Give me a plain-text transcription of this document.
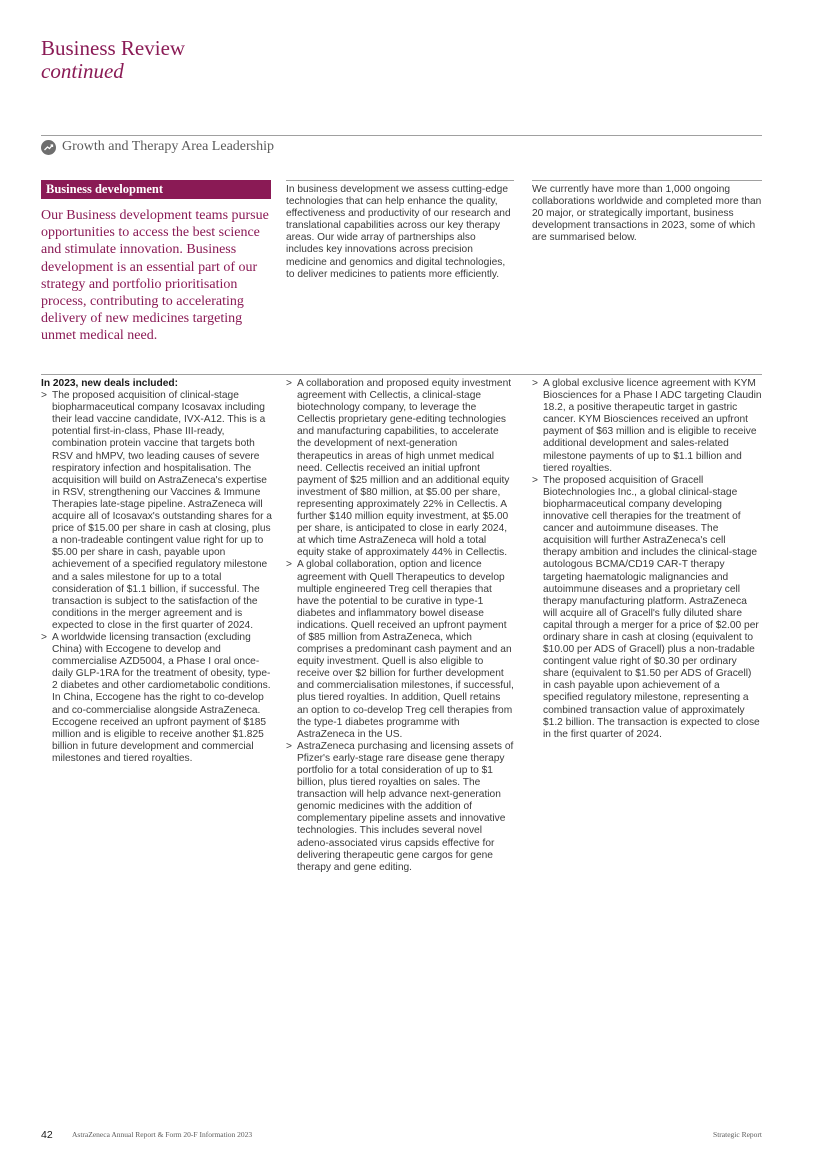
Business Review
continued
Growth and Therapy Area Leadership
Business development
Our Business development teams pursue opportunities to access the best science and stimulate innovation. Business development is an essential part of our strategy and portfolio prioritisation process, contributing to accelerating delivery of new medicines targeting unmet medical need.
In business development we assess cutting-edge technologies that can help enhance the quality, effectiveness and productivity of our research and translational capabilities across our key therapy areas. Our wide array of partnerships also includes key innovations across precision medicine and genomics and digital technologies, to deliver medicines to patients more efficiently.
We currently have more than 1,000 ongoing collaborations worldwide and completed more than 20 major, or strategically important, business development transactions in 2023, some of which are summarised below.
In 2023, new deals included:
> The proposed acquisition of clinical-stage biopharmaceutical company Icosavax including their lead vaccine candidate, IVX-A12. This is a potential first-in-class, Phase III-ready, combination protein vaccine that targets both RSV and hMPV, two leading causes of severe respiratory infection and hospitalisation. The acquisition will build on AstraZeneca's expertise in RSV, strengthening our Vaccines & Immune Therapies late-stage pipeline. AstraZeneca will acquire all of Icosavax's outstanding shares for a price of $15.00 per share in cash at closing, plus a non-tradeable contingent value right for up to $5.00 per share in cash, payable upon achievement of a specified regulatory milestone and a sales milestone for up to a total consideration of $1.1 billion, if successful. The transaction is subject to the satisfaction of the conditions in the merger agreement and is expected to close in the first quarter of 2024.
> A worldwide licensing transaction (excluding China) with Eccogene to develop and commercialise AZD5004, a Phase I oral once-daily GLP-1RA for the treatment of obesity, type-2 diabetes and other cardiometabolic conditions. In China, Eccogene has the right to co-develop and co-commercialise alongside AstraZeneca. Eccogene received an upfront payment of $185 million and is eligible to receive another $1.825 billion in future development and commercial milestones and tiered royalties.
> A collaboration and proposed equity investment agreement with Cellectis, a clinical-stage biotechnology company, to leverage the Cellectis proprietary gene-editing technologies and manufacturing capabilities, to accelerate the development of next-generation therapeutics in areas of high unmet medical need. Cellectis received an initial upfront payment of $25 million and an additional equity investment of $80 million, at $5.00 per share, representing approximately 22% in Cellectis. A further $140 million equity investment, at $5.00 per share, is anticipated to close in early 2024, at which time AstraZeneca will hold a total equity stake of approximately 44% in Cellectis.
> A global collaboration, option and licence agreement with Quell Therapeutics to develop multiple engineered Treg cell therapies that have the potential to be curative in type-1 diabetes and inflammatory bowel disease indications. Quell received an upfront payment of $85 million from AstraZeneca, which comprises a predominant cash payment and an equity investment. Quell is also eligible to receive over $2 billion for further development and commercialisation milestones, if successful, plus tiered royalties. In addition, Quell retains an option to co-develop Treg cell therapies from the type-1 diabetes programme with AstraZeneca in the US.
> AstraZeneca purchasing and licensing assets of Pfizer's early-stage rare disease gene therapy portfolio for a total consideration of up to $1 billion, plus tiered royalties on sales. The transaction will help advance next-generation genomic medicines with the addition of complementary pipeline assets and innovative technologies. This includes several novel adeno-associated virus capsids effective for delivering therapeutic gene cargos for gene therapy and gene editing.
> A global exclusive licence agreement with KYM Biosciences for a Phase I ADC targeting Claudin 18.2, a positive therapeutic target in gastric cancer. KYM Biosciences received an upfront payment of $63 million and is eligible to receive additional development and sales-related milestone payments of up to $1.1 billion and tiered royalties.
> The proposed acquisition of Gracell Biotechnologies Inc., a global clinical-stage biopharmaceutical company developing innovative cell therapies for the treatment of cancer and autoimmune diseases. The acquisition will further AstraZeneca's cell therapy ambition and includes the clinical-stage autologous BCMA/CD19 CAR-T therapy targeting haematologic malignancies and autoimmune diseases and a proprietary cell therapy manufacturing platform. AstraZeneca will acquire all of Gracell's fully diluted share capital through a merger for a price of $2.00 per ordinary share in cash at closing (equivalent to $10.00 per ADS of Gracell) plus a non-tradable contingent value right of $0.30 per ordinary share (equivalent to $1.50 per ADS of Gracell) in cash payable upon achievement of a specified regulatory milestone, representing a combined transaction value of approximately $1.2 billion. The transaction is expected to close in the first quarter of 2024.
42	AstraZeneca Annual Report & Form 20-F Information 2023	Strategic Report
